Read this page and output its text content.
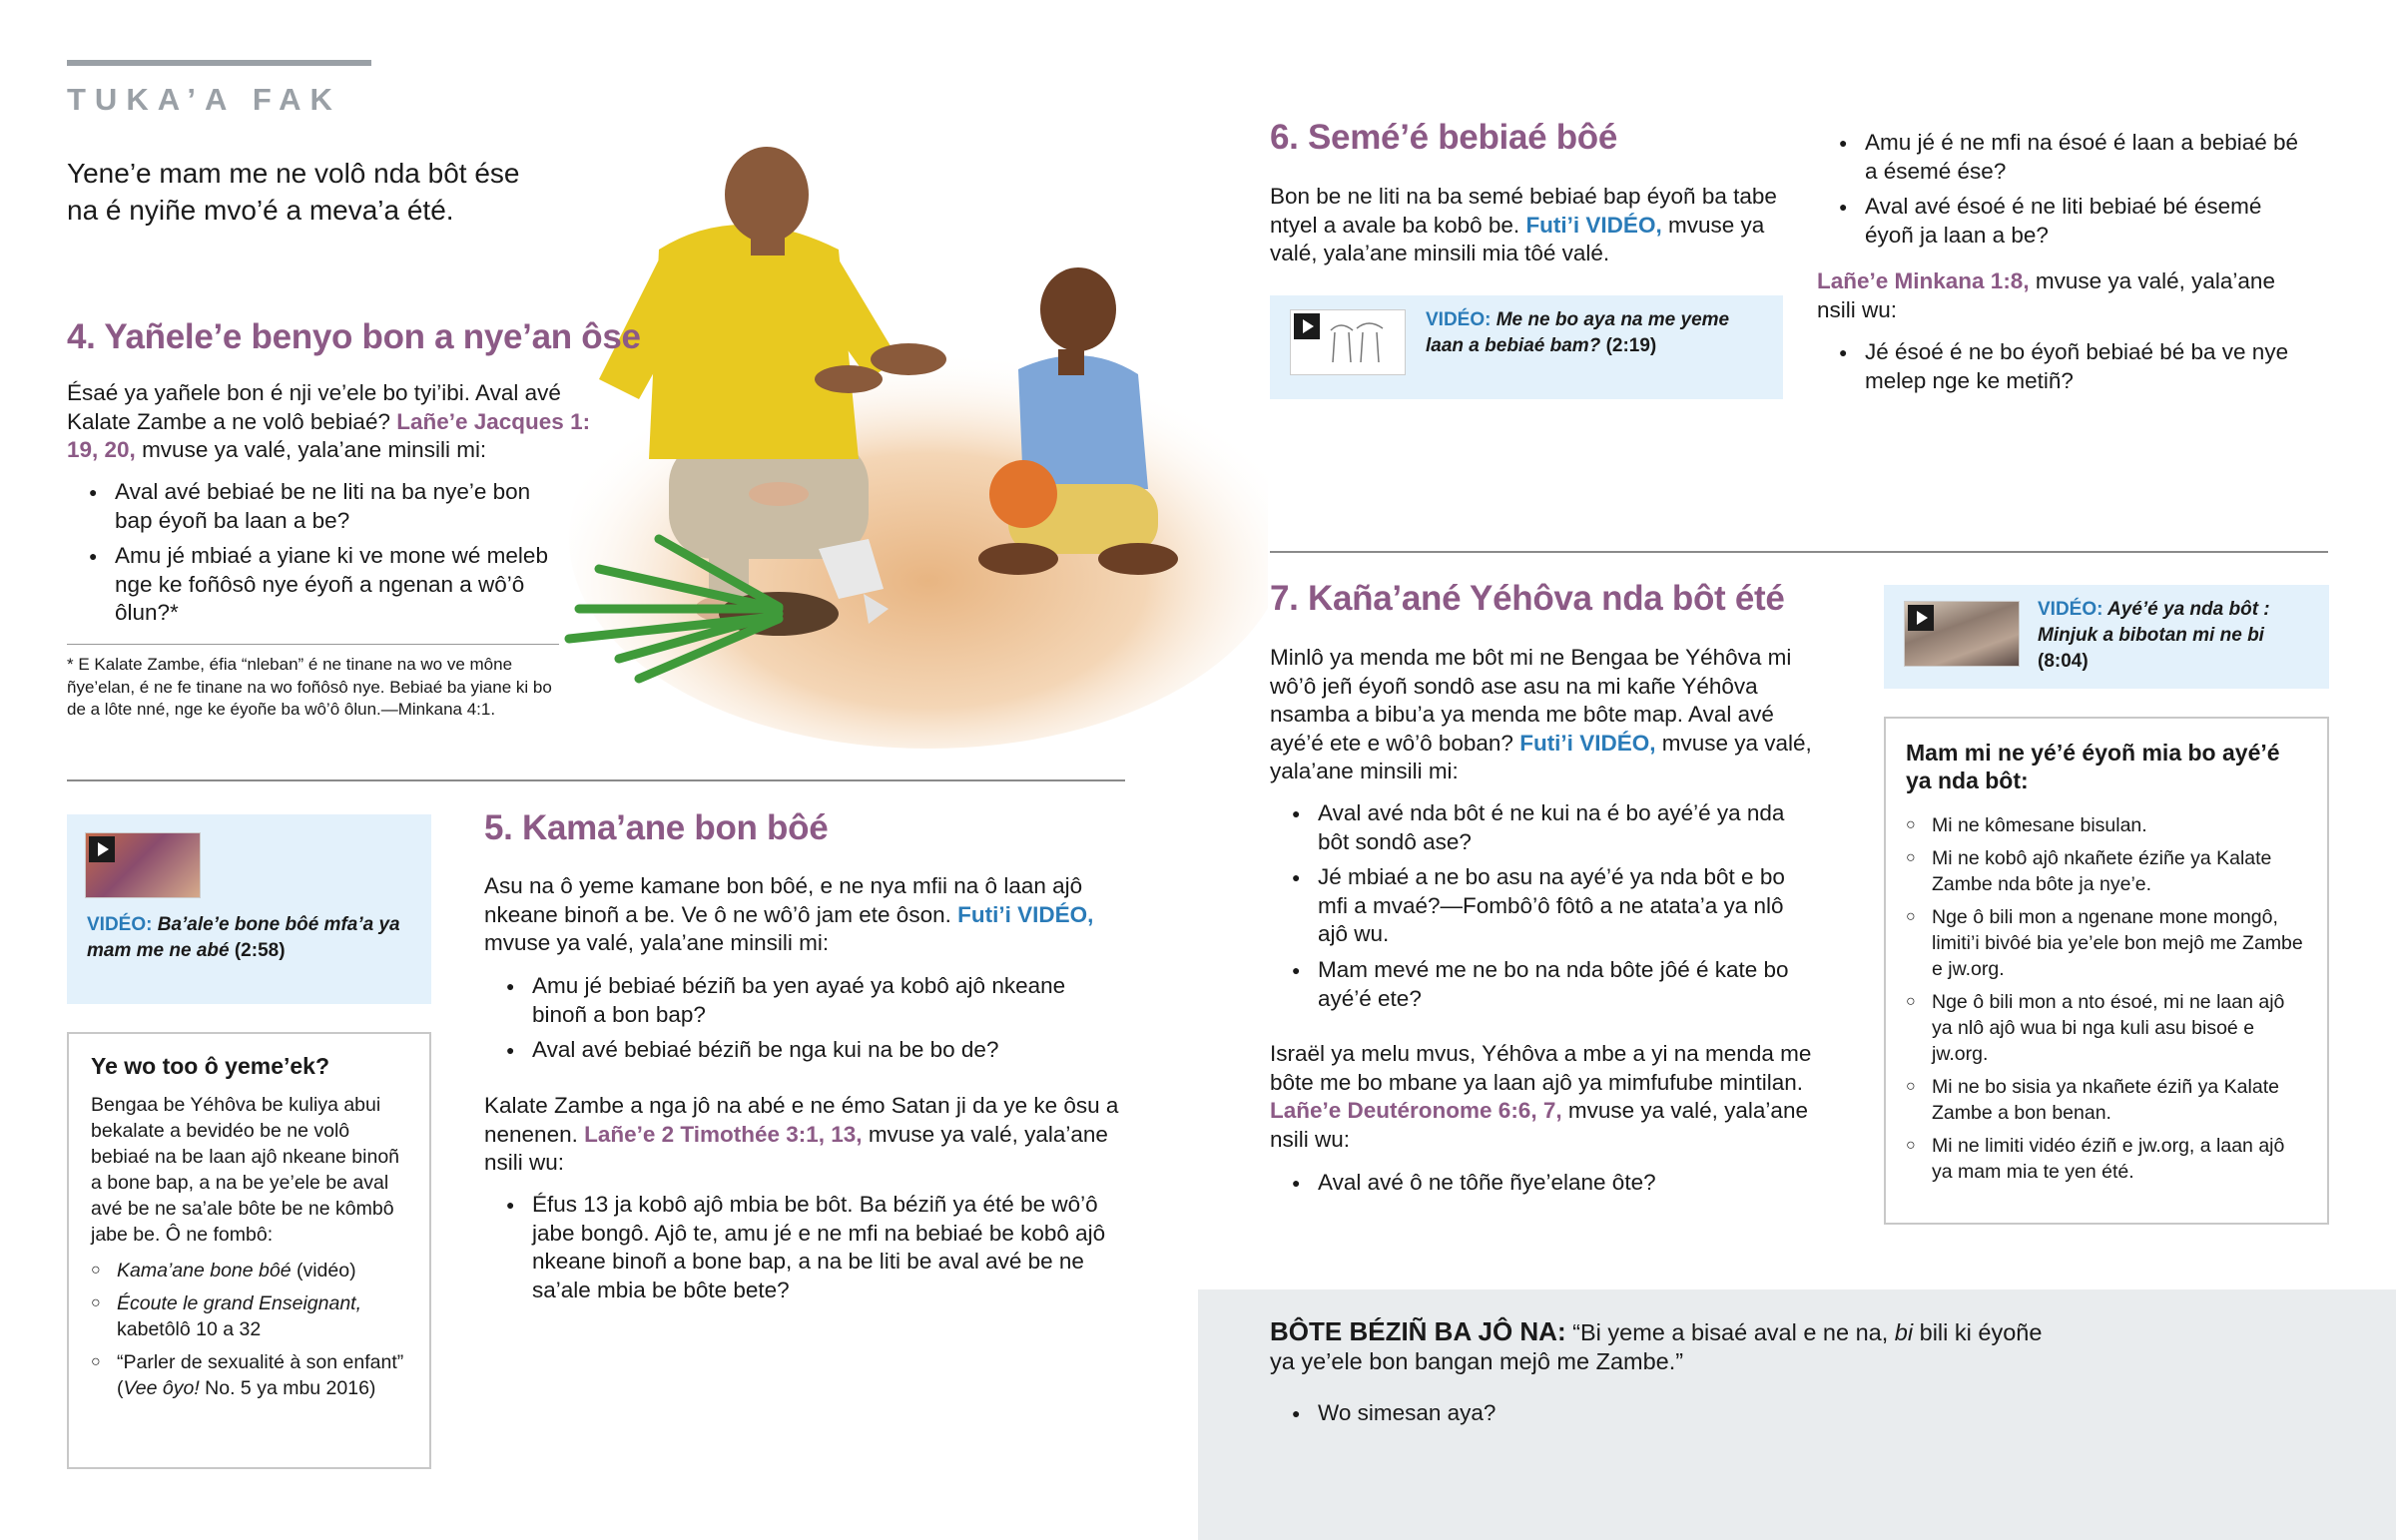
TUKA’A FAK
Yene’e mam me ne volô nda bôt ése na é nyiñe mvo’é a meva’a été.
4. Yañele’e benyo bon a nye’an ôse
Ésaé ya yañele bon é nji ve’ele bo tyi’ibi. Aval avé Kalate Zambe a ne volô bebiaé? Lañe’e Jacques 1: 19, 20, mvuse ya valé, yala’ane minsili mi:
● Aval avé bebiaé be ne liti na ba nye’e bon bap éyoñ ba laan a be?
● Amu jé mbiaé a yiane ki ve mone wé meleb nge ke foñôsô nye éyoñ a ngenan a wô’ô ôlun?*
* E Kalate Zambe, éfia “nleban” é ne tinane na wo ve mône ñye’elan, é ne fe tinane na wo foñôsô nye. Bebiaé ba yiane ki bo de a lôte nné, nge ke éyoñe ba wô’ô ôlun.—Minkana 4:1.
VIDÉO: Ba’ale’e bone bôé mfa’a ya mam me ne abé (2:58)
Ye wo too ô yeme’ek?
Bengaa be Yéhôva be kuliya abui bekalate a bevidéo be ne volô bebiaé na be laan ajô nkeane binoñ a bone bap, a na be ye’ele be aval avé be ne sa’ale bôte be ne kômbô jabe be. Ô ne fombô:
○ Kama’ane bone bôé (vidéo)
○ Écoute le grand Enseignant, kabetôlô 10 a 32
○ “Parler de sexualité à son enfant” (Vee ôyo! No. 5 ya mbu 2016)
5. Kama’ane bon bôé
Asu na ô yeme kamane bon bôé, e ne nya mfii na ô laan ajô nkeane binoñ a be. Ve ô ne wô’ô jam ete ôson. Futi’i VIDÉO, mvuse ya valé, yala’ane minsili mi:
● Amu jé bebiaé béziñ ba yen ayaé ya kobô ajô nkeane binoñ a bon bap?
● Aval avé bebiaé béziñ be nga kui na be bo de?
Kalate Zambe a nga jô na abé e ne émo Satan ji da ye ke ôsu a nenenen. Lañe’e 2 Timothée 3:1, 13, mvuse ya valé, yala’ane nsili wu:
● Éfus 13 ja kobô ajô mbia be bôt. Ba béziñ ya été be wô’ô jabe bongô. Ajô te, amu jé e ne mfi na bebiaé be kobô ajô nkeane binoñ a bone bap, a na be liti be aval avé be ne sa’ale mbia be bôte bete?
6. Semé’é bebiaé bôé
Bon be ne liti na ba semé bebiaé bap éyoñ ba tabe ntyel a avale ba kobô be. Futi’i VIDÉO, mvuse ya valé, yala’ane minsili mia tôé valé.
VIDÉO: Me ne bo aya na me yeme laan a bebiaé bam? (2:19)
● Amu jé é ne mfi na ésoé é laan a bebiaé bé a ésemé ése?
● Aval avé ésoé é ne liti bebiaé bé ésemé éyoñ ja laan a be?
Lañe’e Minkana 1:8, mvuse ya valé, yala’ane nsili wu:
● Jé ésoé é ne bo éyoñ bebiaé bé ba ve nye melep nge ke metiñ?
7. Kaña’ané Yéhôva nda bôt été
Minlô ya menda me bôt mi ne Bengaa be Yéhôva mi wô’ô jeñ éyoñ sondô ase asu na mi kañe Yéhôva nsamba a bibu’a ya menda me bôte map. Aval avé ayé’é ete e wô’ô boban? Futi’i VIDÉO, mvuse ya valé, yala’ane minsili mi:
● Aval avé nda bôt é ne kui na é bo ayé’é ya nda bôt sondô ase?
● Jé mbiaé a ne bo asu na ayé’é ya nda bôt e bo mfi a mvaé?—Fombô’ô fôtô a ne atata’a ya nlô ajô wu.
● Mam mevé me ne bo na nda bôte jôé é kate bo ayé’é ete?
Israël ya melu mvus, Yéhôva a mbe a yi na menda me bôte me bo mbane ya laan ajô ya mimfufube mintilan. Lañe’e Deutéronome 6:6, 7, mvuse ya valé, yala’ane nsili wu:
● Aval avé ô ne tôñe ñye’elane ôte?
VIDÉO: Ayé’é ya nda bôt : Minjuk a bibotan mi ne bi (8:04)
Mam mi ne yé’é éyoñ mia bo ayé’é ya nda bôt:
○ Mi ne kômesane bisulan.
○ Mi ne kobô ajô nkañete éziñe ya Kalate Zambe nda bôte ja nye’e.
○ Nge ô bili mon a ngenane mone mongô, limiti’i bivôé bia ye’ele bon mejô me Zambe e jw.org.
○ Nge ô bili mon a nto ésoé, mi ne laan ajô ya nlô ajô wua bi nga kuli asu bisoé e jw.org.
○ Mi ne bo sisia ya nkañete éziñ ya Kalate Zambe a bon benan.
○ Mi ne limiti vidéo éziñ e jw.org, a laan ajô ya mam mia te yen été.
BÔTE BÉZIÑ BA JÔ NA: “Bi yeme a bisaé aval e ne na, bi bili ki éyoñe ya ye’ele bon bangan mejô me Zambe.”
● Wo simesan aya?
